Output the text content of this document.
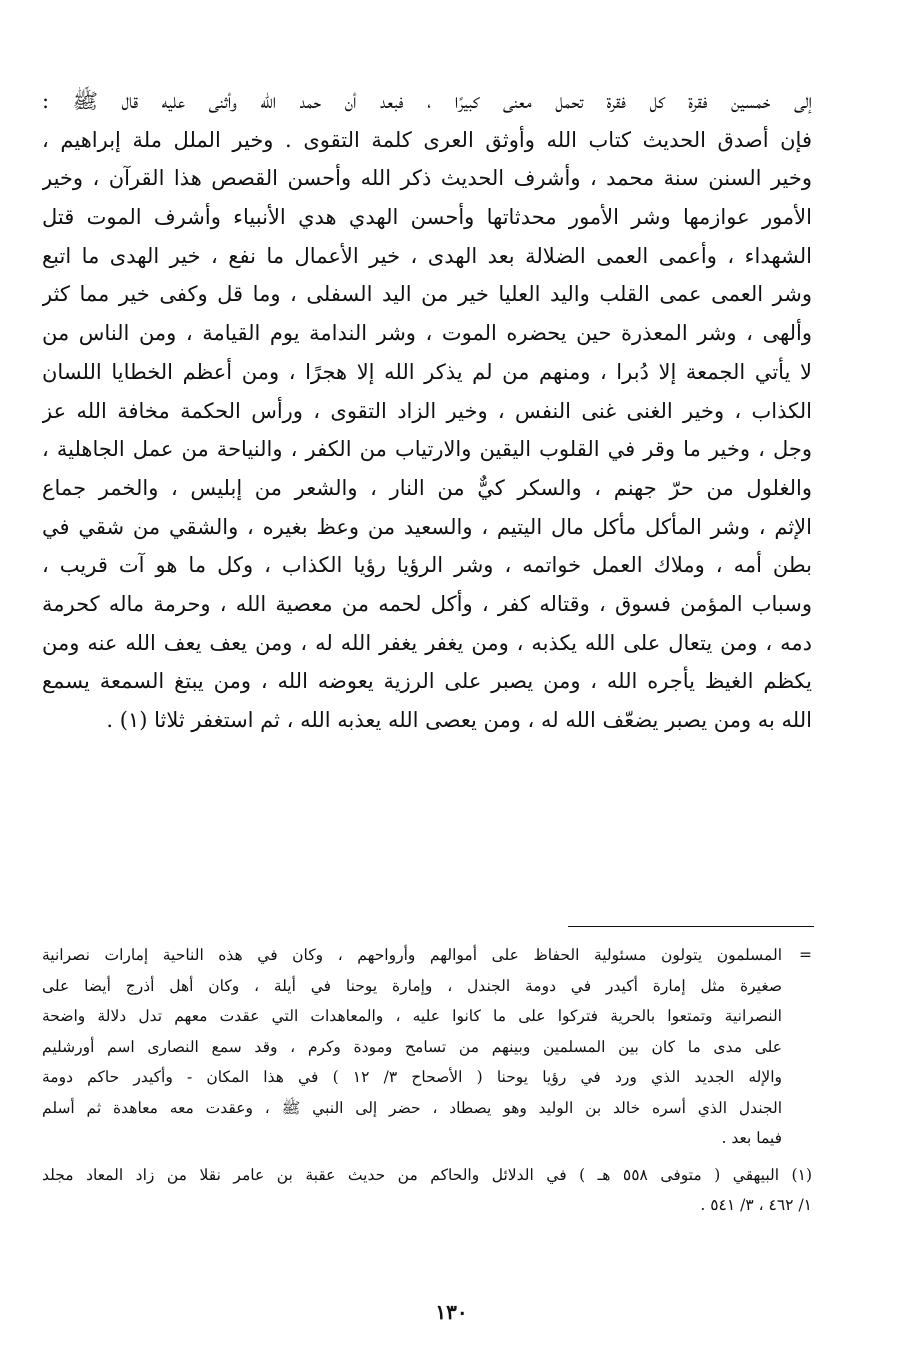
إلى خمسين فقرة كل فقرة تحمل معنى كبيرًا ، فبعد أن حمد الله وأثنى عليه قال ﷺ :
فإن أصدق الحديث كتاب الله وأوثق العرى كلمة التقوى . وخير الملل ملة إبراهيم ،
وخير السنن سنة محمد ، وأشرف الحديث ذكر الله وأحسن القصص هذا القرآن ، وخير
الأمور عوازمها وشر الأمور محدثاتها وأحسن الهدي هدي الأنبياء وأشرف الموت قتل
الشهداء ، وأعمى العمى الضلالة بعد الهدى ، خير الأعمال ما نفع ، خير الهدى ما اتبع
وشر العمى عمى القلب واليد العليا خير من اليد السفلى ، وما قل وكفى خير مما كثر
وألهى ، وشر المعذرة حين يحضره الموت ، وشر الندامة يوم القيامة ، ومن الناس من
لا يأتي الجمعة إلا دُبرا ، ومنهم من لم يذكر الله إلا هجرًا ، ومن أعظم الخطايا اللسان
الكذاب ، وخير الغنى غنى النفس ، وخير الزاد التقوى ، ورأس الحكمة مخافة الله عز
وجل ، وخير ما وقر في القلوب اليقين والارتياب من الكفر ، والنياحة من عمل الجاهلية ،
والغلول من حرّ جهنم ، والسكر كيٌّ من النار ، والشعر من إبليس ، والخمر جماع
الإثم ، وشر المأكل مأكل مال اليتيم ، والسعيد من وعظ بغيره ، والشقي من شقي في
بطن أمه ، وملاك العمل خواتمه ، وشر الرؤيا رؤيا الكذاب ، وكل ما هو آت قريب ،
وسباب المؤمن فسوق ، وقتاله كفر ، وأكل لحمه من معصية الله ، وحرمة ماله كحرمة
دمه ، ومن يتعال على الله يكذبه ، ومن يغفر يغفر الله له ، ومن يعف يعف الله عنه ومن
يكظم الغيظ يأجره الله ، ومن يصبر على الرزية يعوضه الله ، ومن يبتغ السمعة يسمع
الله به ومن يصبر يضعّف الله له ، ومن يعصى الله يعذبه الله ، ثم استغفر ثلاثا (١) .
=
المسلمون يتولون مسئولية الحفاظ على أموالهم وأرواحهم ، وكان في هذه الناحية إمارات نصرانية
صغيرة مثل إمارة أكيدر في دومة الجندل ، وإمارة يوحنا في أيلة ، وكان أهل أذرج أيضا على
النصرانية وتمتعوا بالحرية فتركوا على ما كانوا عليه ، والمعاهدات التي عقدت معهم تدل دلالة واضحة
على مدى ما كان بين المسلمين وبينهم من تسامح ومودة وكرم ، وقد سمع النصارى اسم أورشليم
والإله الجديد الذي ورد في رؤيا يوحنا ( الأصحاح ٣/ ١٢ ) في هذا المكان - وأكيدر حاكم دومة
الجندل الذي أسره خالد بن الوليد وهو يصطاد ، حضر إلى النبي ﷺ ، وعقدت معه معاهدة ثم أسلم
فيما بعد .
(١) البيهقي ( متوفى ٥٥٨ هـ ) في الدلائل والحاكم من حديث عقبة بن عامر نقلا من زاد المعاد مجلد
١/ ٤٦٢ ، ٣/ ٥٤١ .
١٣٠
